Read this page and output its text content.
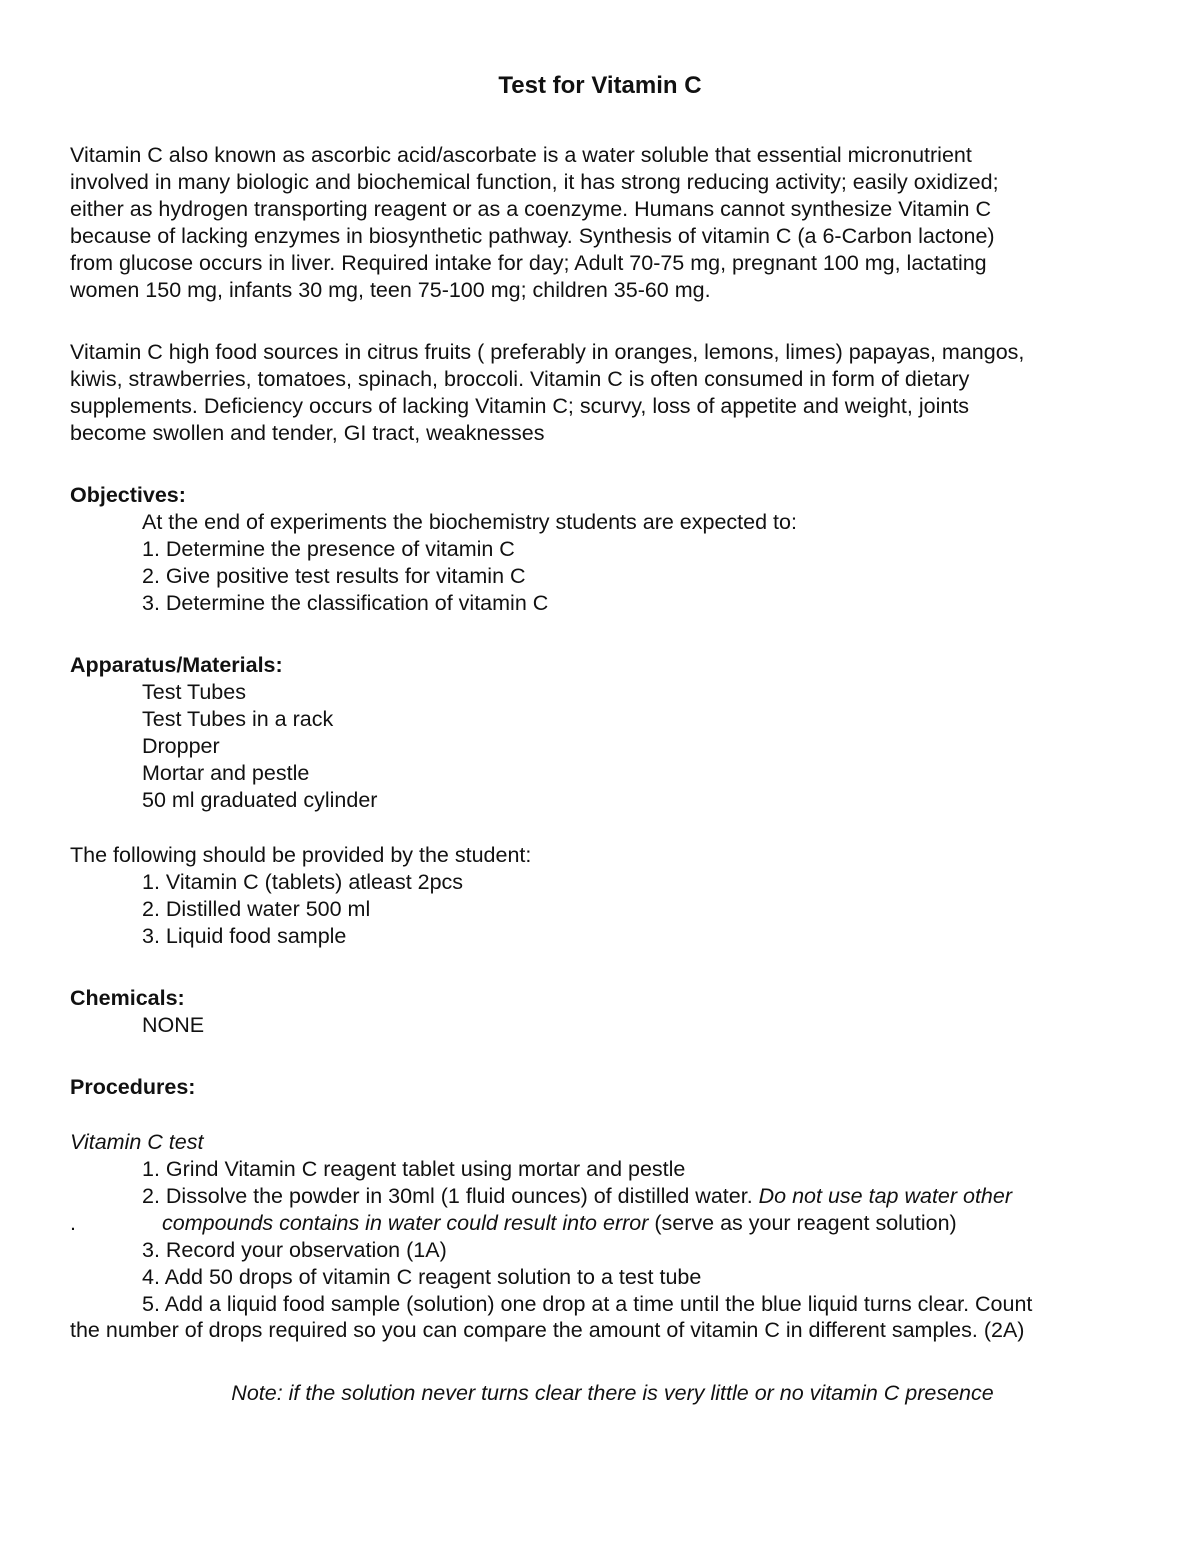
Test for Vitamin C
Vitamin C also known as ascorbic acid/ascorbate is a water soluble that essential micronutrient
involved in many biologic and biochemical function, it has strong reducing activity; easily oxidized;
either as hydrogen transporting reagent or as a coenzyme. Humans cannot synthesize Vitamin C
because of lacking enzymes in biosynthetic pathway. Synthesis of vitamin C (a 6-Carbon lactone)
from glucose occurs in liver. Required intake for day; Adult 70-75 mg, pregnant 100 mg, lactating
women 150 mg, infants 30 mg, teen 75-100 mg; children 35-60 mg.
Vitamin C high food sources in citrus fruits ( preferably in oranges, lemons, limes) papayas, mangos,
kiwis, strawberries, tomatoes, spinach, broccoli. Vitamin C is often consumed in form of dietary
supplements. Deficiency occurs of lacking Vitamin C; scurvy, loss of appetite and weight, joints
become swollen and tender, GI tract, weaknesses
Objectives:
At the end of experiments the biochemistry students are expected to:
1. Determine the presence of vitamin C
2. Give positive test results for vitamin C
3. Determine the classification of vitamin C
Apparatus/Materials:
Test Tubes
Test Tubes in a rack
Dropper
Mortar and pestle
50 ml graduated cylinder
The following should be provided by the student:
1. Vitamin C (tablets) atleast 2pcs
2. Distilled water 500 ml
3. Liquid food sample
Chemicals:
NONE
Procedures:
Vitamin C test
1. Grind Vitamin C reagent tablet using mortar and pestle
2. Dissolve the powder in 30ml (1 fluid ounces) of distilled water. Do not use tap water other
compounds contains in water could result into error (serve as your reagent solution)
3. Record your observation (1A)
4. Add 50 drops of vitamin C reagent solution to a test tube
5. Add a liquid food sample (solution) one drop at a time until the blue liquid turns clear. Count
the number of drops required so you can compare the amount of vitamin C in different samples. (2A)
.
Note: if the solution never turns clear there is very little or no vitamin C presence
